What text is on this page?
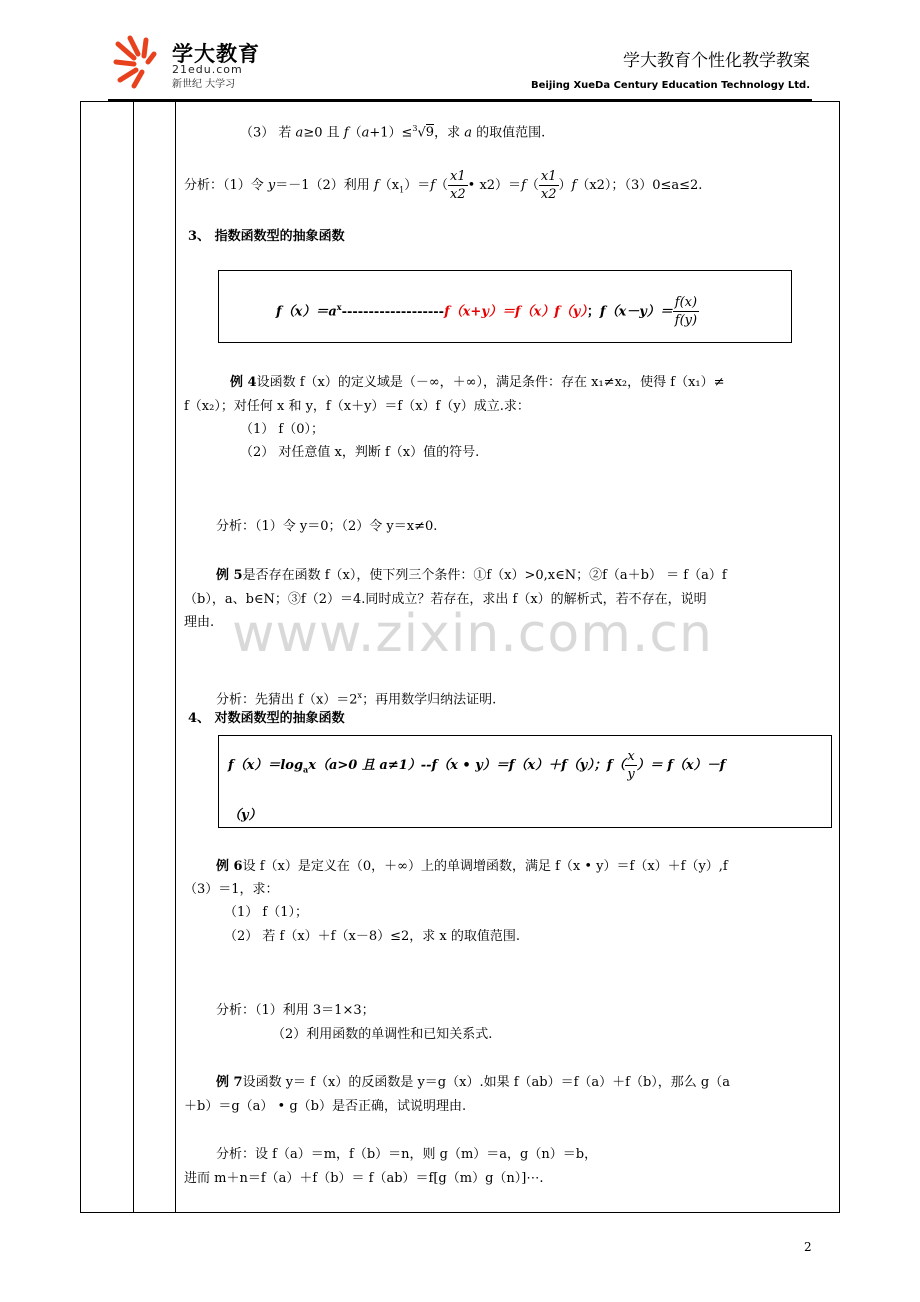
学大教育
21edu.com
新世纪 大学习
学大教育个性化教学教案
Beijing XueDa Century Education Technology Ltd.
www.zixin.com.cn
（3） 若 a≥0 且 f（a+1）≤$^3$√9，求 a 的取值范围.
分析：（1）令 y＝－1（2）利用 $f(x_1)=f( \frac{x1}{x2}$ • $x2)=f( \frac{x1}{x2} )f(x2)$；（3）0≤a≤2.
3、 指数函数型的抽象函数
$f(x)=a^x-------------------f(x+y)=f(x)f(y)$；$f(x-y)= \frac{f(x)}{f(y)}$
例 4设函数 f（x）的定义域是（－∞，＋∞），满足条件：存在 x₁≠x₂，使得 f（x₁）≠
f（x₂）；对任何 x 和 y，f（x＋y）＝f（x）f（y）成立.求：
（1） f（0）；
（2） 对任意值 x，判断 f（x）值的符号.
分析：（1）令 y＝0；（2）令 y＝x≠0.
例 5是否存在函数 f（x），使下列三个条件：①f（x）>0,x∈N；②f（a＋b） ＝ f（a）f
（b），a、b∈N；③f（2）＝4.同时成立？若存在，求出 f（x）的解析式，若不存在，说明
理由.
分析：先猜出 $f(x)=2^x$；再用数学归纳法证明.
4、 对数函数型的抽象函数
$f(x)=\log_ax(a>0$ 且 a≠1）--f（x • y）＝f（x）＋f（y）；$f( \frac{x}{y}$ ）＝ f（x）－f
（y）
例 6设 f（x）是定义在（0，＋∞）上的单调增函数，满足 f（x • y）＝f（x）＋f（y）,f
（3）＝1，求：
（1） f（1）；
（2） 若 f（x）＋f（x－8）≤2，求 x 的取值范围.
分析：（1）利用 3＝1×3；
（2）利用函数的单调性和已知关系式.
例 7设函数 y＝ f（x）的反函数是 y＝g（x）.如果 f（ab）＝f（a）＋f（b），那么 g（a
＋b）＝g（a） • g（b）是否正确，试说明理由.
分析：设 f（a）＝m，f（b）＝n，则 g（m）＝a，g（n）＝b，
进而 m＋n＝f（a）＋f（b）＝ f（ab）＝f[g（m）g（n）]⋯.
2
